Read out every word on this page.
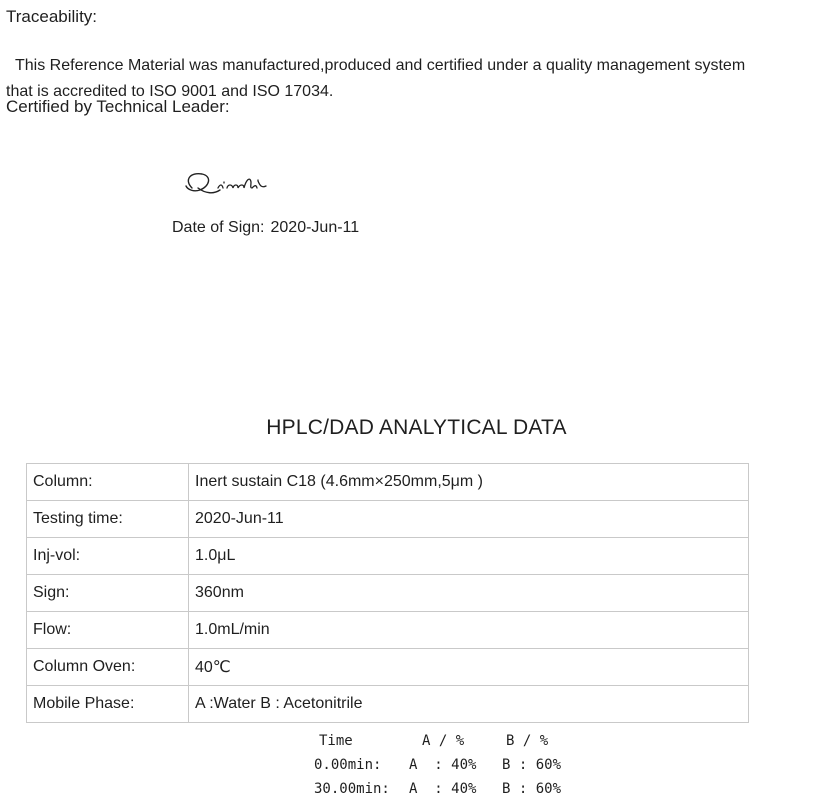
Traceability:
This Reference Material was manufactured,produced and certified under a quality management system
that is accredited to ISO 9001 and ISO 17034.
Certified by Technical Leader:
Date of Sign: 2020-Jun-11
HPLC/DAD ANALYTICAL DATA
Column:	Inert sustain C18 (4.6mm×250mm,5μm )
Testing time:	2020-Jun-11
Inj-vol:	1.0μL
Sign:	360nm
Flow:	1.0mL/min
Column Oven:	40℃
Mobile Phase:	A :Water B : Acetonitrile
Time	A / %	B / %
0.00min: A  : 40% B : 60%
30.00min: A  : 40% B : 60%
